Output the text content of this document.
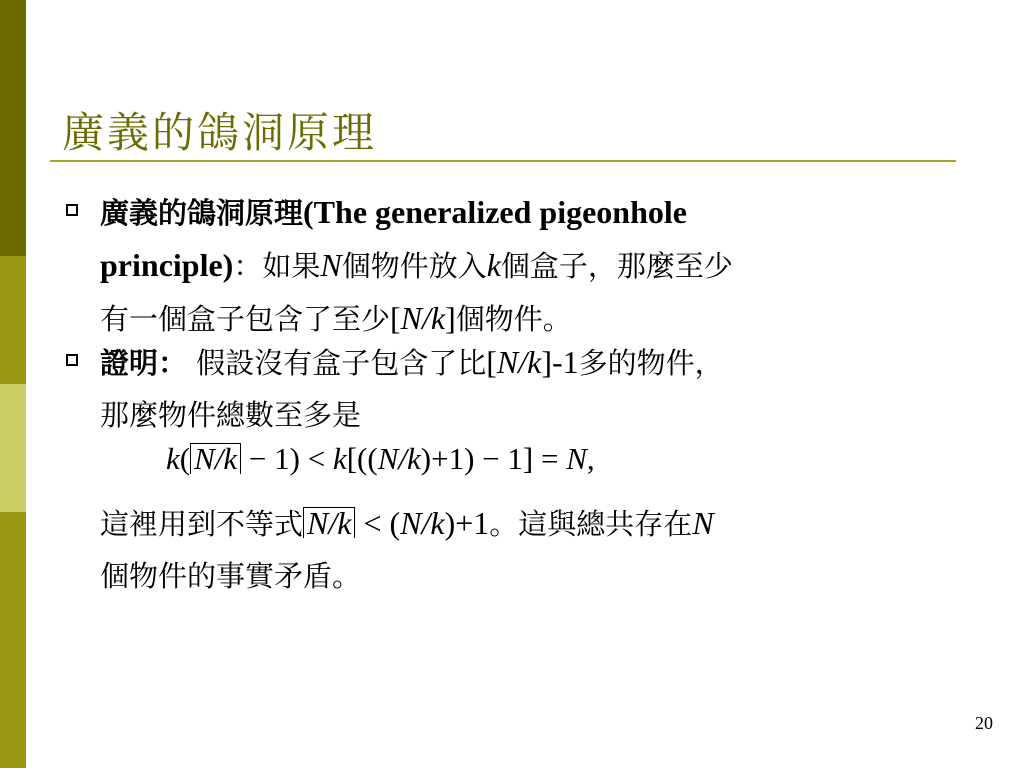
廣義的鴿洞原理
廣義的鴿洞原理(The generalized pigeonhole
principle)：如果N個物件放入k個盒子，那麼至少
有一個盒子包含了至少[N/k]個物件。
證明： 假設沒有盒子包含了比[N/k]-1多的物件，
那麼物件總數至多是
k( N/k − 1) < k[((N/k)+1) − 1] = N,
這裡用到不等式 N/k < (N/k)+1。這與總共存在N
個物件的事實矛盾。
20
